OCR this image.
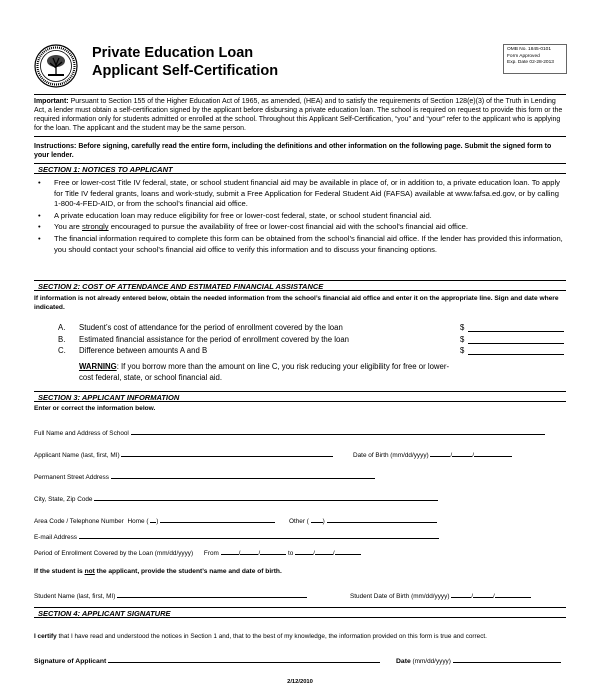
Private Education Loan
Applicant Self-Certification
OMB No. 1845-0101
Form Approved
Exp. Date 02-28-2013
Important: Pursuant to Section 155 of the Higher Education Act of 1965, as amended, (HEA) and to satisfy the requirements of Section 128(e)(3) of the Truth in Lending Act, a lender must obtain a self-certification signed by the applicant before disbursing a private education loan. The school is required on request to provide this form or the required information only for students admitted or enrolled at the school. Throughout this Applicant Self-Certification, “you” and “your” refer to the applicant who is applying for the loan. The applicant and the student may be the same person.
Instructions: Before signing, carefully read the entire form, including the definitions and other information on the following page. Submit the signed form to your lender.
SECTION 1: NOTICES TO APPLICANT
• Free or lower-cost Title IV federal, state, or school student financial aid may be available in place of, or in addition to, a private education loan. To apply for Title IV federal grants, loans and work-study, submit a Free Application for Federal Student Aid (FAFSA) available at www.fafsa.ed.gov, or by calling 1-800-4-FED-AID, or from the school’s financial aid office.
• A private education loan may reduce eligibility for free or lower-cost federal, state, or school student financial aid.
• You are strongly encouraged to pursue the availability of free or lower-cost financial aid with the school’s financial aid office.
• The financial information required to complete this form can be obtained from the school’s financial aid office. If the lender has provided this information, you should contact your school’s financial aid office to verify this information and to discuss your financing options.
SECTION 2: COST OF ATTENDANCE AND ESTIMATED FINANCIAL ASSISTANCE
If information is not already entered below, obtain the needed information from the school’s financial aid office and enter it on the appropriate line. Sign and date where indicated.
A. Student’s cost of attendance for the period of enrollment covered by the loan	$
B. Estimated financial assistance for the period of enrollment covered by the loan	$
C. Difference between amounts A and B	$
WARNING: If you borrow more than the amount on line C, you risk reducing your eligibility for free or lower-cost federal, state, or school financial aid.
SECTION 3: APPLICANT INFORMATION
Enter or correct the information below.
Full Name and Address of School
Applicant Name (last, first, MI)	Date of Birth (mm/dd/yyyy)	/	/
Permanent Street Address
City, State, Zip Code
Area Code / Telephone Number Home ( )	Other ( )
E-mail Address
Period of Enrollment Covered by the Loan (mm/dd/yyyy) From	/	/	to	/	/
If the student is not the applicant, provide the student’s name and date of birth.
Student Name (last, first, MI)	Student Date of Birth (mm/dd/yyyy)	/	/
SECTION 4: APPLICANT SIGNATURE
I certify that I have read and understood the notices in Section 1 and, that to the best of my knowledge, the information provided on this form is true and correct.
Signature of Applicant	Date (mm/dd/yyyy)
2/12/2010
